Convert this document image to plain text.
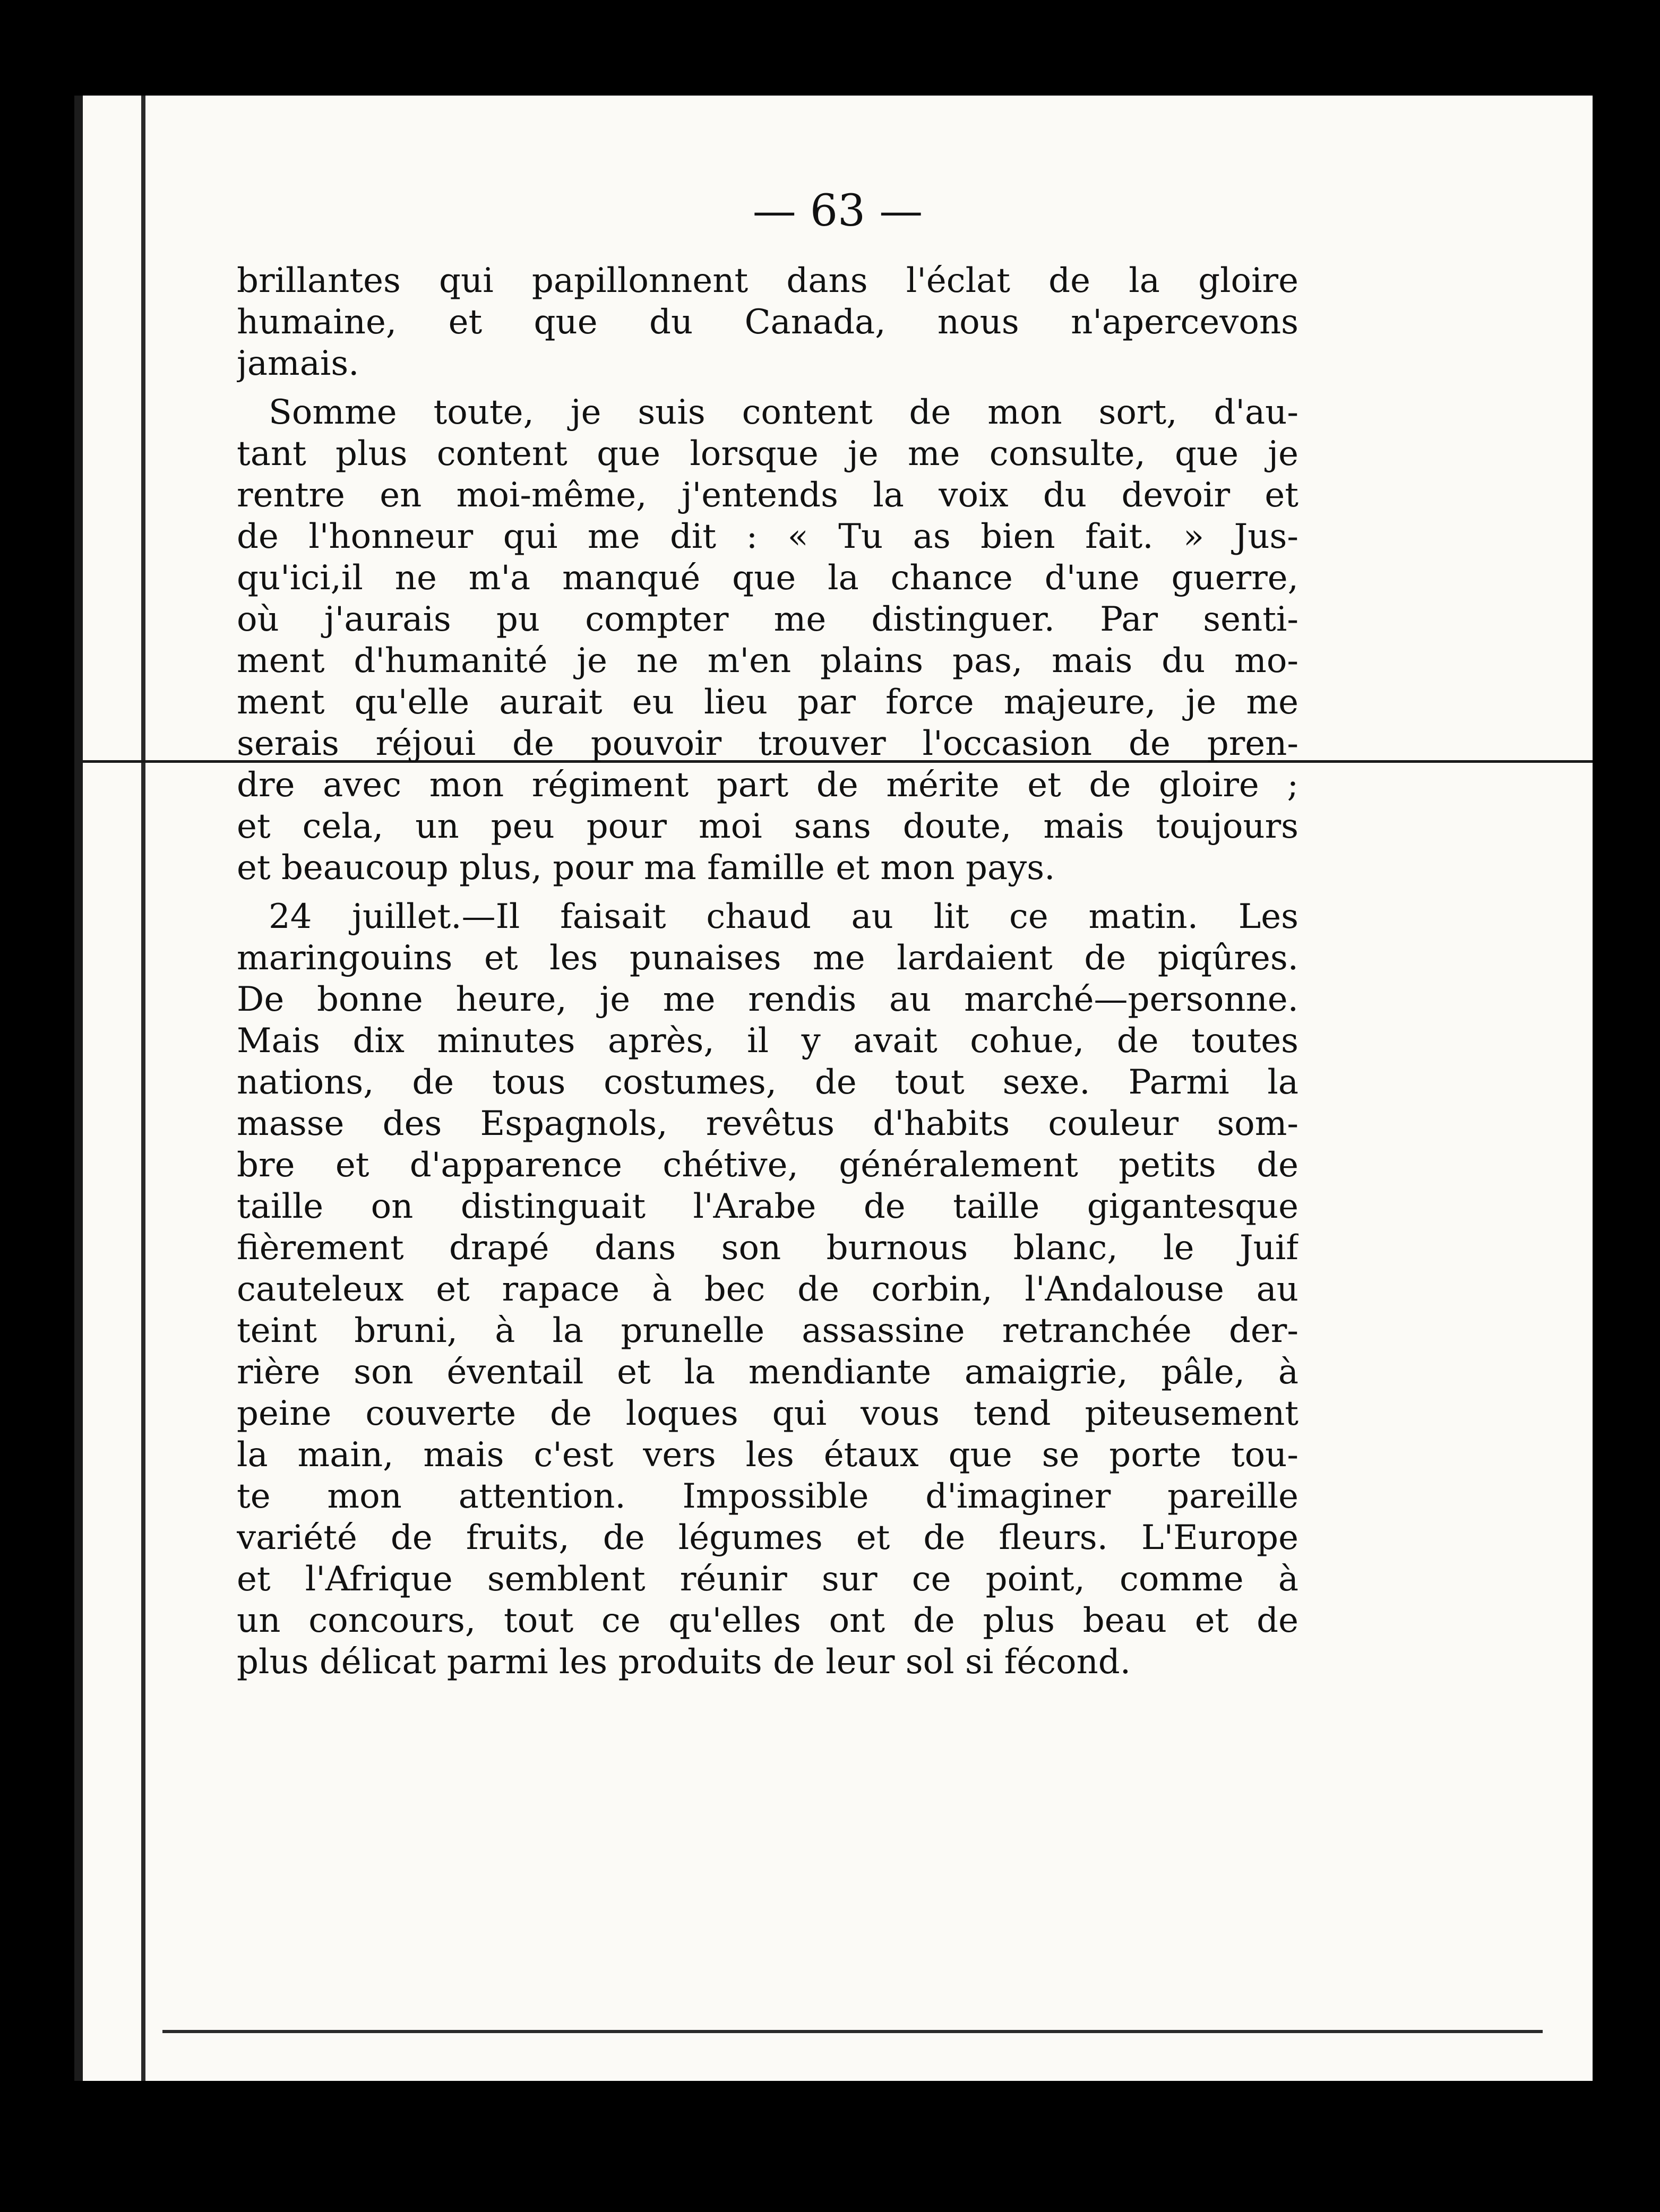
— 63 —
brillantes qui papillonnent dans l'éclat de la gloire
humaine, et que du Canada, nous n'apercevons
jamais.
Somme toute, je suis content de mon sort, d'au-
tant plus content que lorsque je me consulte, que je
rentre en moi-même, j'entends la voix du devoir et
de l'honneur qui me dit : « Tu as bien fait. » Jus-
qu'ici,il ne m'a manqué que la chance d'une guerre,
où j'aurais pu compter me distinguer. Par senti-
ment d'humanité je ne m'en plains pas, mais du mo-
ment qu'elle aurait eu lieu par force majeure, je me
serais réjoui de pouvoir trouver l'occasion de pren-
dre avec mon régiment part de mérite et de gloire ;
et cela, un peu pour moi sans doute, mais toujours
et beaucoup plus, pour ma famille et mon pays.
24 juillet.—Il faisait chaud au lit ce matin. Les
maringouins et les punaises me lardaient de piqûres.
De bonne heure, je me rendis au marché—personne.
Mais dix minutes après, il y avait cohue, de toutes
nations, de tous costumes, de tout sexe. Parmi la
masse des Espagnols, revêtus d'habits couleur som-
bre et d'apparence chétive, généralement petits de
taille on distinguait l'Arabe de taille gigantesque
fièrement drapé dans son burnous blanc, le Juif
cauteleux et rapace à bec de corbin, l'Andalouse au
teint bruni, à la prunelle assassine retranchée der-
rière son éventail et la mendiante amaigrie, pâle, à
peine couverte de loques qui vous tend piteusement
la main, mais c'est vers les étaux que se porte tou-
te mon attention. Impossible d'imaginer pareille
variété de fruits, de légumes et de fleurs. L'Europe
et l'Afrique semblent réunir sur ce point, comme à
un concours, tout ce qu'elles ont de plus beau et de
plus délicat parmi les produits de leur sol si fécond.
